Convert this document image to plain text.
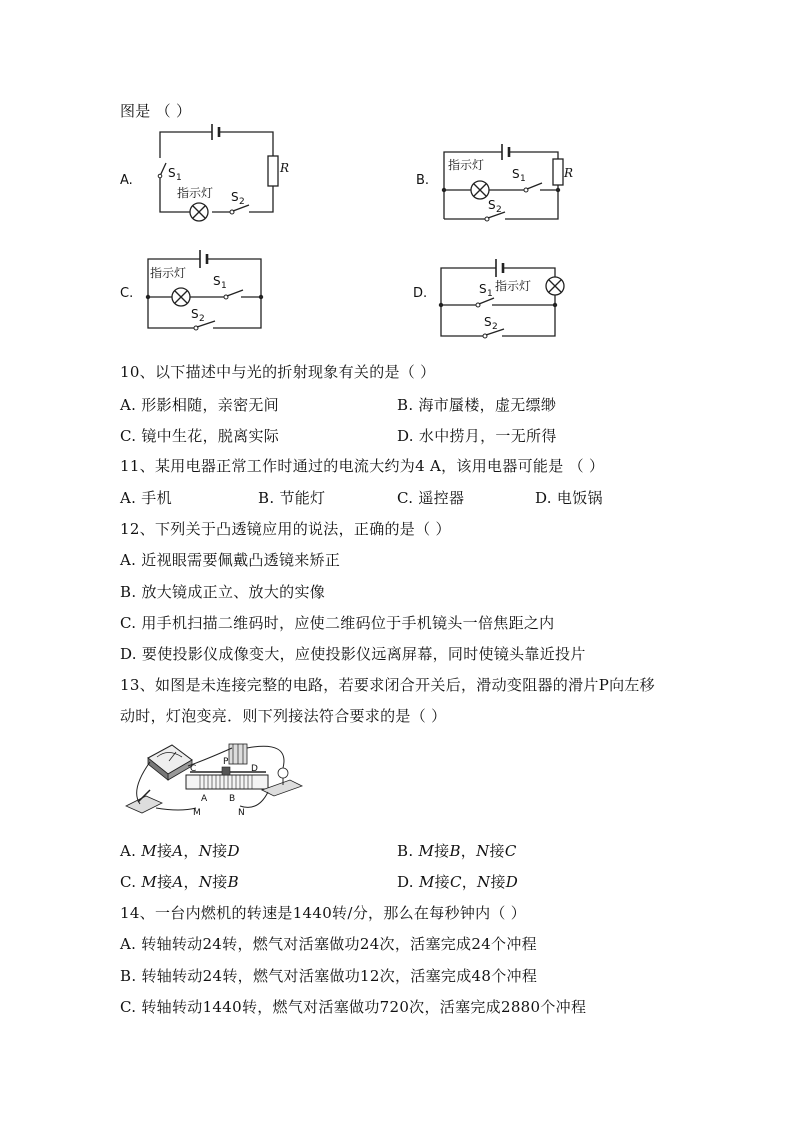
图是 （ ）
A.	S 1
指示灯 S 2
R
B.
指示灯
S 1
S 2
R
C.
指示灯
S 1
S 2
D.	S 1
指示灯
S 2
10、以下描述中与光的折射现象有关的是（ ）
A. 形影相随，亲密无间	B. 海市蜃楼，虚无缥缈
C. 镜中生花，脱离实际	D. 水中捞月，一无所得
11、某用电器正常工作时通过的电流大约为4 A，该用电器可能是 （ ）
A. 手机	B. 节能灯	C. 遥控器	D. 电饭锅
12、下列关于凸透镜应用的说法，正确的是（ ）
A. 近视眼需要佩戴凸透镜来矫正
B. 放大镜成正立、放大的实像
C. 用手机扫描二维码时，应使二维码位于手机镜头一倍焦距之内
D. 要使投影仪成像变大，应使投影仪远离屏幕，同时使镜头靠近投片
13、如图是未连接完整的电路，若要求闭合开关后，滑动变阻器的滑片P向左移
动时，灯泡变亮．则下列接法符合要求的是（ ）
C
P
D
A B
M	N
A. M接A，N接D	B. M接B，N接C
C. M接A，N接B	D. M接C，N接D
14、一台内燃机的转速是1440转/分，那么在每秒钟内（ ）
A. 转轴转动24转，燃气对活塞做功24次，活塞完成24个冲程
B. 转轴转动24转，燃气对活塞做功12次，活塞完成48个冲程
C. 转轴转动1440转，燃气对活塞做功720次，活塞完成2880个冲程
